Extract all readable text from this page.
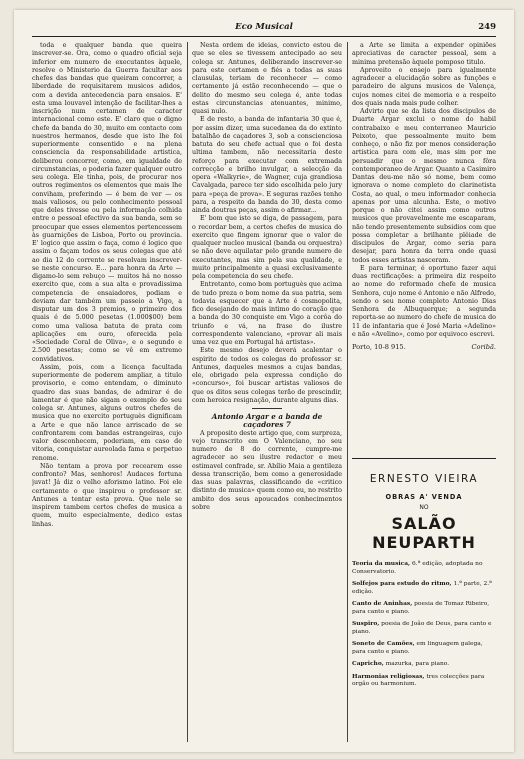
Eco Musical	249

toda e qualquer banda que queira inscrever-se. Ora, como o quadro oficial seja inferior em numero de executantes àquele, resolve o Ministerio da Guerra facultar aos chefes das bandas que queiram concorrer, a liberdade de requisitarem musicos adidos, com a devida antecedencia para ensaios. E' esta uma louvavel intenção de facilitar-lhes a inscrição num certamen de caracter internacional como este. E' claro que o digno chefe da banda do 30, muito em contacto com nuestros hermanos, desde que isto lhe foi superiormente consentido e na plena consciencia da responsabilidade artistica, deliberou concorrer, como, em igualdade de circunstancias, o poderia fazer qualquer outro seu colega. Ele tinha, pois, de procurar nos outros regimentos os elementos que mais lhe conviham, preferindo — é bem de ver — os mais valiosos, ou pelo conhecimento pessoal que deles tivesse ou pela informação colhida entre o pessoal efectivo da sua banda, sem se preocupar que esses elementos pertencessem às guarnições de Lisboa, Porto ou provincia. E' logico que assim o faça, como é logico que assim o façam todos os seus colegas que até ao dia 12 do corrente se resolvam inscrever-se neste concurso. E... para honra da Arte — digamo-lo sem rebuço — muitos há no nosso exercito que, com a sua alta e provadissima competencia de ensaiadores, podiam e deviam dar também um passeio a Vigo, a disputar um dos 3 premios, o primeiro dos quais é de 5.000 pesetas (1.000$00) bem como uma valiosa batuta de prata com aplicações em ouro, oferecida pela «Sociedade Coral de Oliva», e o segundo e 2.500 pesetas; como se vê em extremo convidativos.

Assim, pois, com a licença facultada superiormente de poderem ampliar, a titulo provisorio, e como entendam, o diminuto quadro das suas bandas, de admirar é de lamentar é que não sigam o exemplo do seu colega sr. Antunes, alguns outros chefes de musica que no exercito portuguès dignificam a Arte e que não lance arriscado de se confrontarem com bandas estrangeiras, cujo valor desconhecem, poderiam, em caso de vitoria, conquistar aureolada fama e perpetuo renome.

Não tentam a prova por recearem esse confronto? Mas, senhores! Audaces fortuna juvat! Já diz o velho aforismo latino. Foi ele certamente o que inspirou o professor sr. Antunes a tentar esta prova. Que nele se inspirem tambem certos chefes de musica a quem, muito especialmente, dedico estas linhas.

Nesta ordem de ideias, convicto estou de que se eles se tivessem antecipado ao seu colega sr. Antunes, deliberando inscrever-se para este certamen e fiés a todas as suas clausulas, teriam de reconhecer — como certamente já estão reconhecendo — que o delito do mesmo seu colega é, ante todas estas circunstancias atenuantes, minimo, quasi nulo.

E de resto, a banda de infantaria 30 que é, por assim dizer, uma sucedanea da do extinto batalhão de caçadores 3, sob a conscienciosa batuta do seu chefe actual que o foi desta ultima tambem, não necessitaria deste reforço para executar com extremada correcção e brilho invulgar, a selecção da opera «Walkyrie», de Wagner, cuja grandiosa Cavalgada, parece ter sido escolhida pelo jury para «peça de prova». E seguras razões tenho para, a respeito da banda do 30, desta como ainda doutras peças, assim o afirmar...

E' bom que isto se diga, de passagem, para o recordar bem, a certos chefes de musica do exercito que fingem ignorar que o valor de qualquer nucleo musical (banda ou orquestra) se não deve aquilatar pelo grande numero de executantes, mas sim pela sua qualidade, e muito principalmente a quasi exclusivamente pela competencia do seu chefe.

Entretanto, como bom portuguès que acima de tudo preza o bom nome da sua patria, sem todavia esquecer que a Arte é cosmopolita, fico desejando do mais intimo do coração que a banda do 30 conquiste em Vigo a corôa do triunfo e vá, na frase do ilustre correspondente valenciano, «provar ali mais uma vez que em Portugal há artistas».

Este mesmo desejo deverá acalentar o espirito de todos os colegas do professor sr. Antunes, daqueles mesmos a cujas bandas, ele, obrigado pela expressa condição do «concurso», foi buscar artistas valiosos de que os ditos seus colegas terão de prescindir, com heroica resignação, durante alguns dias.

Antonio Argar e a banda de caçadores 7

A proposito deste artigo que, com surpreza, vejo transcrito em O Valenciano, no seu numero de 8 do corrente, cumpre-me agradecer ao seu ilustre redactor e meu estimavel confrade, sr. Abílio Maia a gentileza dessa transcrição, bem como a generosidade das suas palavras, classificando de «critico distinto de musica» quem como eu, no restrito ambito dos seus apoucados conhecimentos sobre

a Arte se limita a expender opiniões apreciativas de caracter pessoal, sem a minima pretensão àquele pomposo titulo.

Aproveito o ensejo para igualmente agradecer a elucidação sobre as funções e paradeiro de alguns musicos de Valença, cujos nomes citei de memoria e a respeito dos quais nada mais pude colher.

Advirto que se da lista dos discipulos de Duarte Argar exclui o nome do habil contrabaixo e meu conterraneo Mauricio Peixoto, que pessoalmente muito bem conheço, o não fiz por menos consideração artistica para com ele, mas sim por me persuadir que o mesmo nunca fôra contemporaneo de Argar. Quanto a Casimiro Dantas deu-me não só nome, bem como ignorava o nome completo do clarinetista Costa, ao qual, o meu informador conhecia apenas por uma alcunha. Este, o motivo porque o não citei assim como outros musicos que provavelmente me escaparam, não tendo presentemente subsidios com que possa completar a brilhante plêiade de discipulos de Argar, como seria para desejar, para honra da terra onde quasi todos esses artistas nasceram.

E para terminar, é oportuno fazer aqui duas rectificações: a primeira diz respeito ao nome do reformado chefe de musica Senhora, cujo nome é Antonio e não Alfredo, sendo o seu nome completo Antonio Dias Senhora de Albuquerque; a segunda reporta-se ao numero do chefe de musica do 11 de infantaria que é José Maria «Adelino» e não «Avelino», como por equivoco escrevi.

Porto, 10-8 915.	Coribã.
ERNESTO VIEIRA
OBRAS A' VENDA
NO
SALÃO NEUPARTH

Teoria da musica, 6.ª edição, adoptada no Conservatorio.

Solfejos para estudo do ritmo, 1.ª parte, 2.ª edição.

Canto de Aninhas, poesia de Tomaz Ribeiro, para canto e piano.

Suspiro, poesia de João de Deus, para canto e piano.

Soneto de Camões, em linguagem galega, para canto e piano.

Capricho, mazurka, para piano.

Harmonias religiosas, tres colecções para orgão ou harmonium.
